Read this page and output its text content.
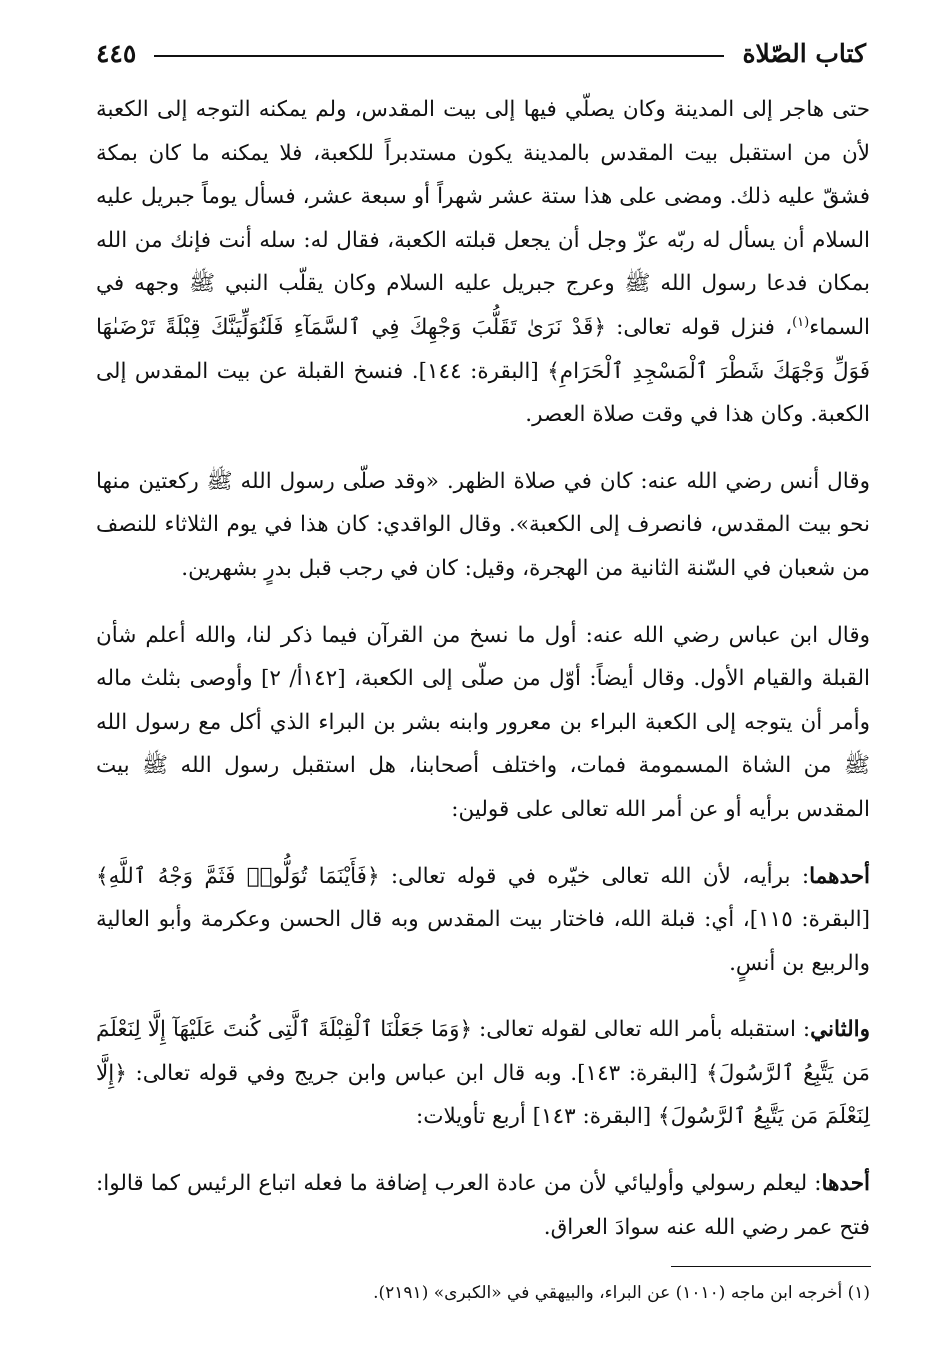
كتاب الصّلاة
٤٤٥

حتى هاجر إلى المدينة وكان يصلّي فيها إلى بيت المقدس، ولم يمكنه التوجه إلى الكعبة لأن من استقبل بيت المقدس بالمدينة يكون مستدبراً للكعبة، فلا يمكنه ما كان بمكة فشقّ عليه ذلك. ومضى على هذا ستة عشر شهراً أو سبعة عشر، فسأل يوماً جبريل عليه السلام أن يسأل له ربّه عزّ وجل أن يجعل قبلته الكعبة، فقال له: سله أنت فإنك من الله بمكان فدعا رسول الله ﷺ وعرج جبريل عليه السلام وكان يقلّب النبي ﷺ وجهه في السماء$^{(١)}$، فنزل قوله تعالى: ﴿قَدْ نَرَىٰ تَقَلُّبَ وَجْهِكَ فِي ٱلسَّمَآءِ فَلَنُوَلِّيَنَّكَ قِبْلَةً تَرْضَىٰهَا فَوَلِّ وَجْهَكَ شَطْرَ ٱلْمَسْجِدِ ٱلْحَرَامِ﴾ [البقرة: ١٤٤]. فنسخ القبلة عن بيت المقدس إلى الكعبة. وكان هذا في وقت صلاة العصر.

وقال أنس رضي الله عنه: كان في صلاة الظهر. «وقد صلّى رسول الله ﷺ ركعتين منها نحو بيت المقدس، فانصرف إلى الكعبة». وقال الواقدي: كان هذا في يوم الثلاثاء للنصف من شعبان في السّنة الثانية من الهجرة، وقيل: كان في رجب قبل بدرٍ بشهرين.

وقال ابن عباس رضي الله عنه: أول ما نسخ من القرآن فيما ذكر لنا، والله أعلم شأن القبلة والقيام الأول. وقال أيضاً: أوّل من صلّى إلى الكعبة، [١٤٢أ/ ٢] وأوصى بثلث ماله وأمر أن يتوجه إلى الكعبة البراء بن معرور وابنه بشر بن البراء الذي أكل مع رسول الله ﷺ من الشاة المسمومة فمات، واختلف أصحابنا، هل استقبل رسول الله ﷺ بيت المقدس برأيه أو عن أمر الله تعالى على قولين:

أحدهما: برأيه، لأن الله تعالى خيّره في قوله تعالى: ﴿فَأَيْنَمَا تُوَلُّوا۟ فَثَمَّ وَجْهُ ٱللَّهِ﴾ [البقرة: ١١٥]، أي: قبلة الله، فاختار بيت المقدس وبه قال الحسن وعكرمة وأبو العالية والربيع بن أنسٍ.

والثاني: استقبله بأمر الله تعالى لقوله تعالى: ﴿وَمَا جَعَلْنَا ٱلْقِبْلَةَ ٱلَّتِى كُنتَ عَلَيْهَآ إِلَّا لِنَعْلَمَ مَن يَتَّبِعُ ٱلرَّسُولَ﴾ [البقرة: ١٤٣]. وبه قال ابن عباس وابن جريج وفي قوله تعالى: ﴿إِلَّا لِنَعْلَمَ مَن يَتَّبِعُ ٱلرَّسُولَ﴾ [البقرة: ١٤٣] أربع تأويلات:

أحدها: ليعلم رسولي وأوليائي لأن من عادة العرب إضافة ما فعله اتباع الرئيس كما قالوا: فتح عمر رضي الله عنه سوادَ العراق.

(١) أخرجه ابن ماجه (١٠١٠) عن البراء، والبيهقي في «الكبرى» (٢١٩١).
